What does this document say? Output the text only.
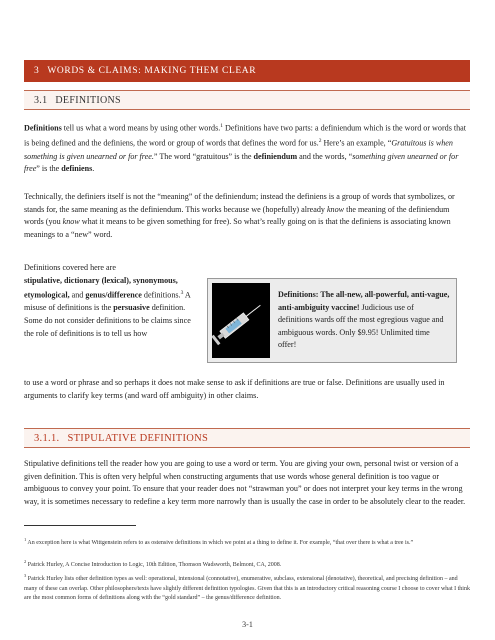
3 WORDS & CLAIMS: MAKING THEM CLEAR
3.1 DEFINITIONS

Definitions tell us what a word means by using other words.$^1$ Definitions have two parts: a definiendum which is the word or words that is being defined and the definiens, the word or group of words that defines the word for us.$^2$ Here’s an example, “Gratuitous is when something is given unearned or for free.” The word “gratuitous” is the definiendum and the words, “something given unearned or for free” is the definiens.

Technically, the definiers itself is not the “meaning” of the definiendum; instead the definiens is a group of words that symbolizes, or stands for, the same meaning as the definiendum. This works because we (hopefully) already know the meaning of the definiendum words (you know what it means to be given something for free). So what’s really going on is that the definiens is associating known meanings to a “new” word.

Definitions covered here are
stipulative, dictionary (lexical), synonymous, etymological, and genus/difference definitions.$^3$ A misuse of definitions is the persuasive definition. Some do not consider definitions to be claims since the role of definitions is to tell us how

to use a word or phrase and so perhaps it does not make sense to ask if definitions are true or false. Definitions are usually used in arguments to clarify key terms (and ward off ambiguity) in other claims.

Definitions: The all-new, all-powerful, anti-vague, anti-ambiguity vaccine! Judicious use of definitions wards off the most egregious vague and ambiguous words. Only $9.95! Unlimited time offer!
3.1.1. STIPULATIVE DEFINITIONS

Stipulative definitions tell the reader how you are going to use a word or term. You are giving your own, personal twist or version of a given definition. This is often very helpful when constructing arguments that use words whose general definition is too vague or ambiguous to convey your point. To ensure that your reader does not “strawman you” or does not interpret your key terms in the wrong way, it is sometimes necessary to redefine a key term more narrowly than is usually the case in order to be absolutely clear to the reader.

$^1$ An exception here is what Wittgenstein refers to as ostensive definitions in which we point at a thing to define it. For example, “that over there is what a tree is.”

$^2$ Patrick Hurley, A Concise Introduction to Logic, 10th Edition, Thomson Wadsworth, Belmont, CA, 2008.

$^3$ Patrick Hurley lists other definition types as well: operational, intensional (connotative), enumerative, subclass, extensional (denotative), theoretical, and precising definition – and many of these can overlap. Other philosophers/texts have slightly different definition typologies. Given that this is an introductory critical reasoning course I choose to cover what I think are the most common forms of definitions along with the “gold standard” – the genus/difference definition.

3-1
